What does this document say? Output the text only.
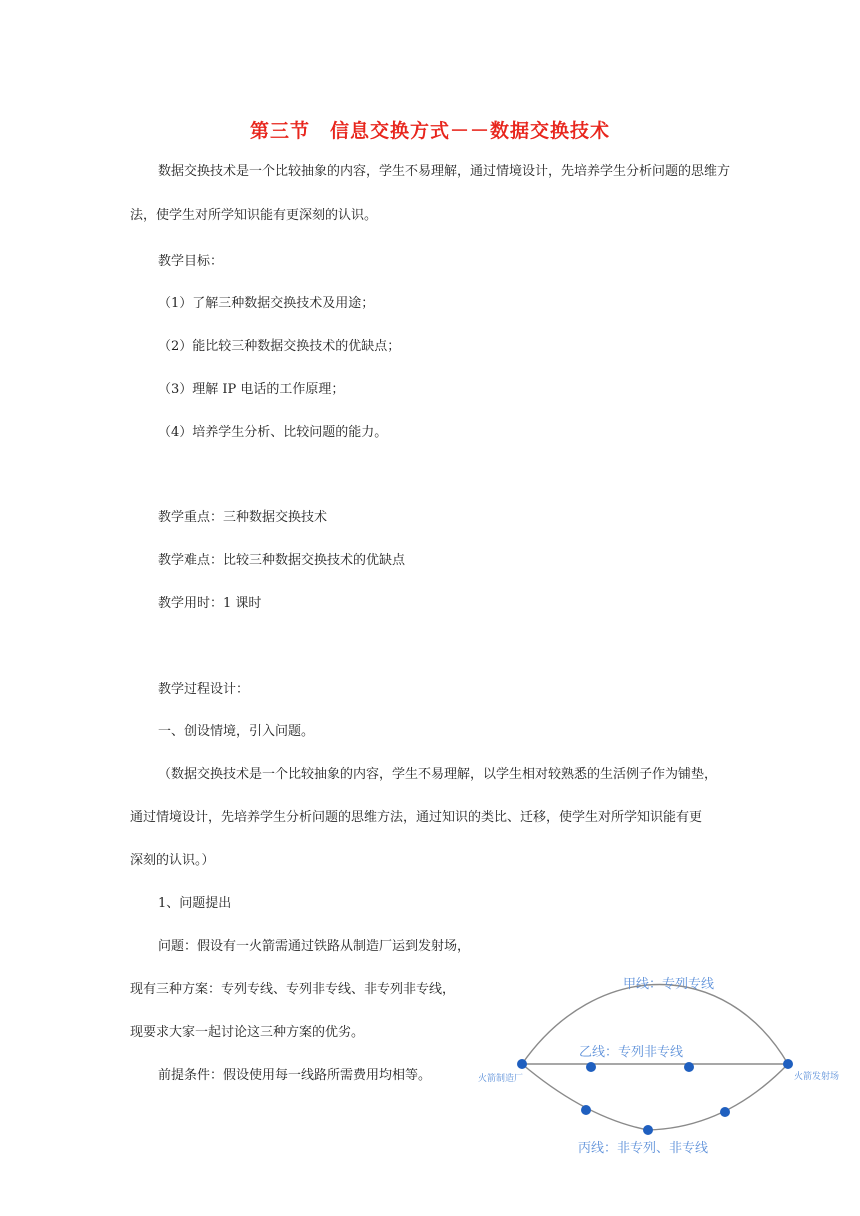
第三节　信息交换方式－－数据交换技术
数据交换技术是一个比较抽象的内容，学生不易理解，通过情境设计，先培养学生分析问题的思维方
法，使学生对所学知识能有更深刻的认识。
教学目标：
（1）了解三种数据交换技术及用途；
（2）能比较三种数据交换技术的优缺点；
（3）理解 IP 电话的工作原理；
（4）培养学生分析、比较问题的能力。
教学重点：三种数据交换技术
教学难点：比较三种数据交换技术的优缺点
教学用时：1 课时
教学过程设计：
一、创设情境，引入问题。
（数据交换技术是一个比较抽象的内容，学生不易理解，以学生相对较熟悉的生活例子作为铺垫，
通过情境设计，先培养学生分析问题的思维方法，通过知识的类比、迁移，使学生对所学知识能有更
深刻的认识。）
1、问题提出
问题：假设有一火箭需通过铁路从制造厂运到发射场，
现有三种方案：专列专线、专列非专线、非专列非专线，
现要求大家一起讨论这三种方案的优劣。
前提条件：假设使用每一线路所需费用均相等。
甲线：专列专线
乙线：专列非专线
丙线：非专列、非专线
火箭制造厂	火箭发射场
